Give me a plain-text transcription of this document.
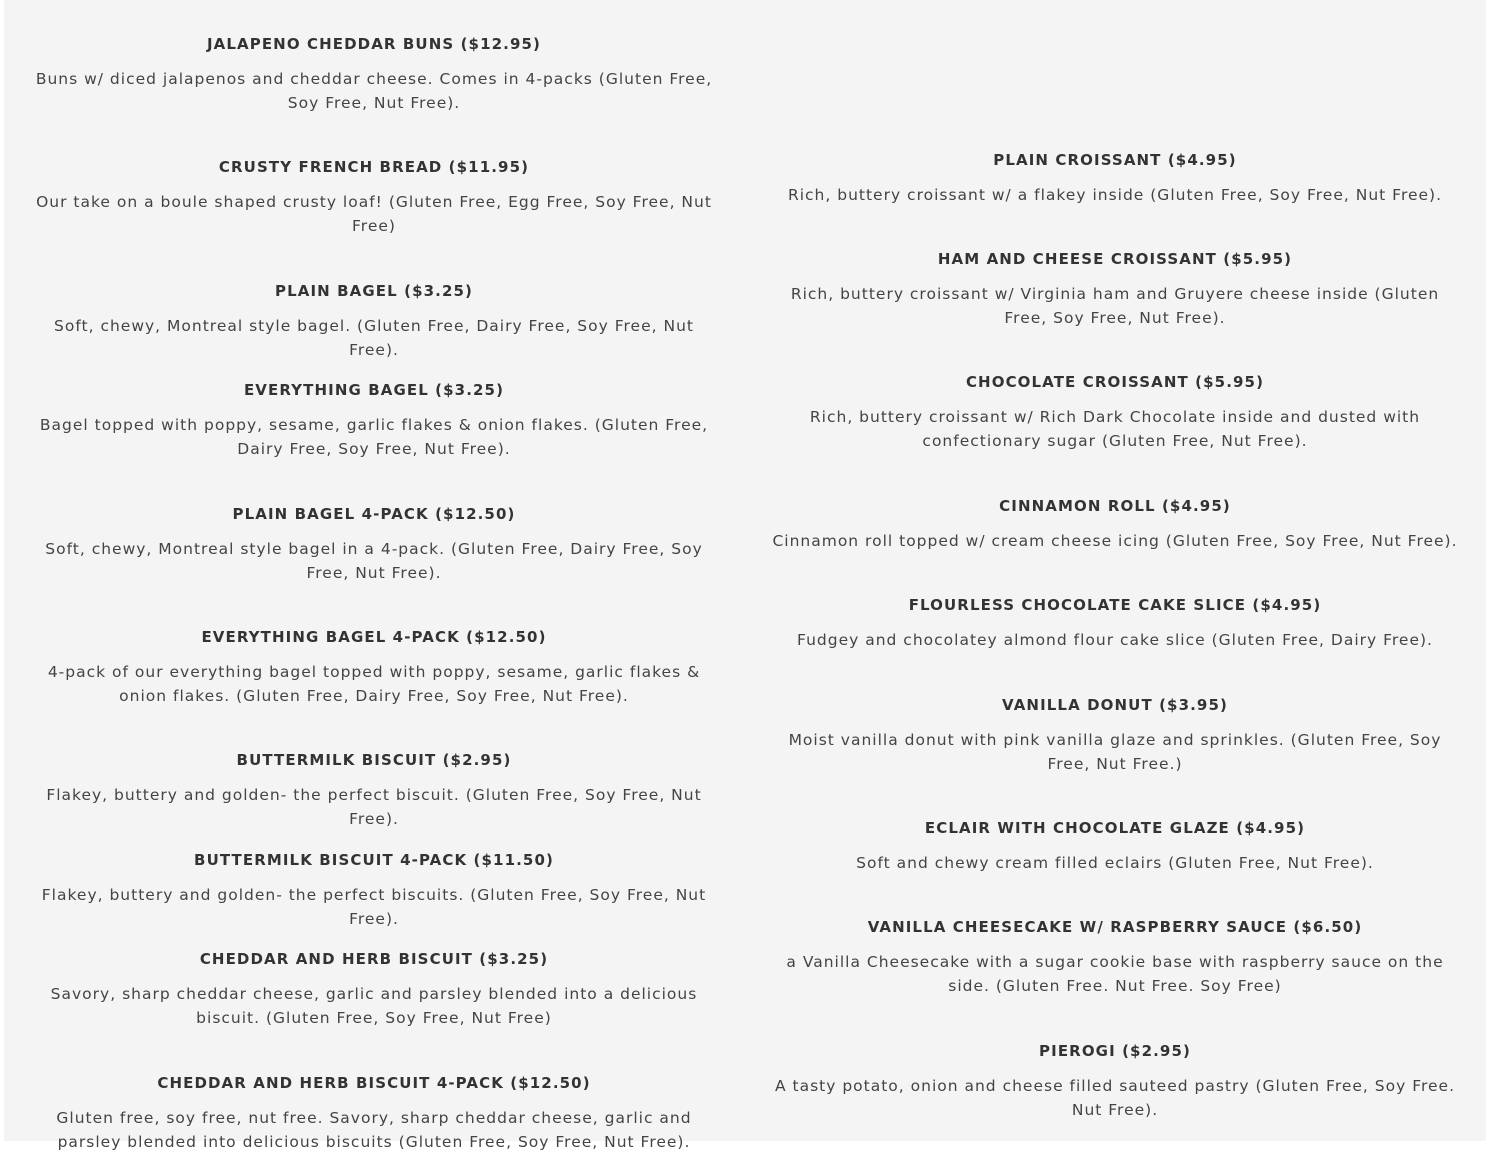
JALAPENO CHEDDAR BUNS ($12.95)
Buns w/ diced jalapenos and cheddar cheese. Comes in 4-packs (Gluten Free, Soy Free, Nut Free).
CRUSTY FRENCH BREAD ($11.95)
Our take on a boule shaped crusty loaf! (Gluten Free, Egg Free, Soy Free, Nut Free)
PLAIN BAGEL ($3.25)
Soft, chewy, Montreal style bagel. (Gluten Free, Dairy Free, Soy Free, Nut Free).
EVERYTHING BAGEL ($3.25)
Bagel topped with poppy, sesame, garlic flakes & onion flakes. (Gluten Free, Dairy Free, Soy Free, Nut Free).
PLAIN BAGEL 4-PACK ($12.50)
Soft, chewy, Montreal style bagel in a 4-pack. (Gluten Free, Dairy Free, Soy Free, Nut Free).
EVERYTHING BAGEL 4-PACK ($12.50)
4-pack of our everything bagel topped with poppy, sesame, garlic flakes & onion flakes. (Gluten Free, Dairy Free, Soy Free, Nut Free).
BUTTERMILK BISCUIT ($2.95)
Flakey, buttery and golden- the perfect biscuit. (Gluten Free, Soy Free, Nut Free).
BUTTERMILK BISCUIT 4-PACK ($11.50)
Flakey, buttery and golden- the perfect biscuits. (Gluten Free, Soy Free, Nut Free).
CHEDDAR AND HERB BISCUIT ($3.25)
Savory, sharp cheddar cheese, garlic and parsley blended into a delicious biscuit. (Gluten Free, Soy Free, Nut Free)
CHEDDAR AND HERB BISCUIT 4-PACK ($12.50)
Gluten free, soy free, nut free. Savory, sharp cheddar cheese, garlic and parsley blended into delicious biscuits (Gluten Free, Soy Free, Nut Free).
PLAIN CROISSANT ($4.95)
Rich, buttery croissant w/ a flakey inside (Gluten Free, Soy Free, Nut Free).
HAM AND CHEESE CROISSANT ($5.95)
Rich, buttery croissant w/ Virginia ham and Gruyere cheese inside (Gluten Free, Soy Free, Nut Free).
CHOCOLATE CROISSANT ($5.95)
Rich, buttery croissant w/ Rich Dark Chocolate inside and dusted with confectionary sugar (Gluten Free, Nut Free).
CINNAMON ROLL ($4.95)
Cinnamon roll topped w/ cream cheese icing (Gluten Free, Soy Free, Nut Free).
FLOURLESS CHOCOLATE CAKE SLICE ($4.95)
Fudgey and chocolatey almond flour cake slice (Gluten Free, Dairy Free).
VANILLA DONUT ($3.95)
Moist vanilla donut with pink vanilla glaze and sprinkles. (Gluten Free, Soy Free, Nut Free.)
ECLAIR WITH CHOCOLATE GLAZE ($4.95)
Soft and chewy cream filled eclairs (Gluten Free, Nut Free).
VANILLA CHEESECAKE W/ RASPBERRY SAUCE ($6.50)
a Vanilla Cheesecake with a sugar cookie base with raspberry sauce on the side. (Gluten Free. Nut Free. Soy Free)
PIEROGI ($2.95)
A tasty potato, onion and cheese filled sauteed pastry (Gluten Free, Soy Free. Nut Free).
